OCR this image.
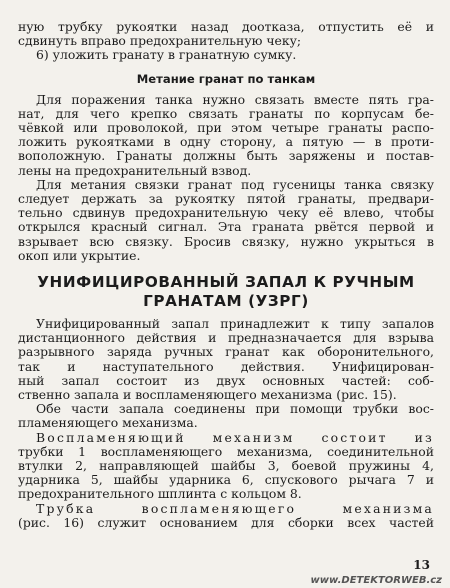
ную трубку рукоятки назад доотказа, отпустить её и
сдвинуть вправо предохранительную чеку;
6) уложить гранату в гранатную сумку.
Метание гранат по танкам
Для поражения танка нужно связать вместе пять гра-
нат, для чего крепко связать гранаты по корпусам бе-
чёвкой или проволокой, при этом четыре гранаты распо-
ложить рукоятками в одну сторону, а пятую — в проти-
воположную. Гранаты должны быть заряжены и постав-
лены на предохранительный взвод.
Для метания связки гранат под гусеницы танка связку
следует держать за рукоятку пятой гранаты, предвари-
тельно сдвинув предохранительную чеку её влево, чтобы
открылся красный сигнал. Эта граната рвётся первой и
взрывает всю связку. Бросив связку, нужно укрыться в
окоп или укрытие.
УНИФИЦИРОВАННЫЙ ЗАПАЛ К РУЧНЫМ
ГРАНАТАМ (УЗРГ)
Унифицированный запал принадлежит к типу запалов
дистанционного действия и предназначается для взрыва
разрывного заряда ручных гранат как оборонительного,
так и наступательного действия. Унифицирован-
ный запал состоит из двух основных частей: соб-
ственно запала и воспламеняющего механизма (рис. 15).
Обе части запала соединены при помощи трубки вос-
пламеняющего механизма.
Воспламеняющий механизм состоит из
трубки 1 воспламеняющего механизма, соединительной
втулки 2, направляющей шайбы 3, боевой пружины 4,
ударника 5, шайбы ударника 6, спускового рычага 7 и
предохранительного шплинта с кольцом 8.
Трубка воспламеняющего механизма
(рис. 16) служит основанием для сборки всех частей
13
www.DETEKTORWEB.cz
